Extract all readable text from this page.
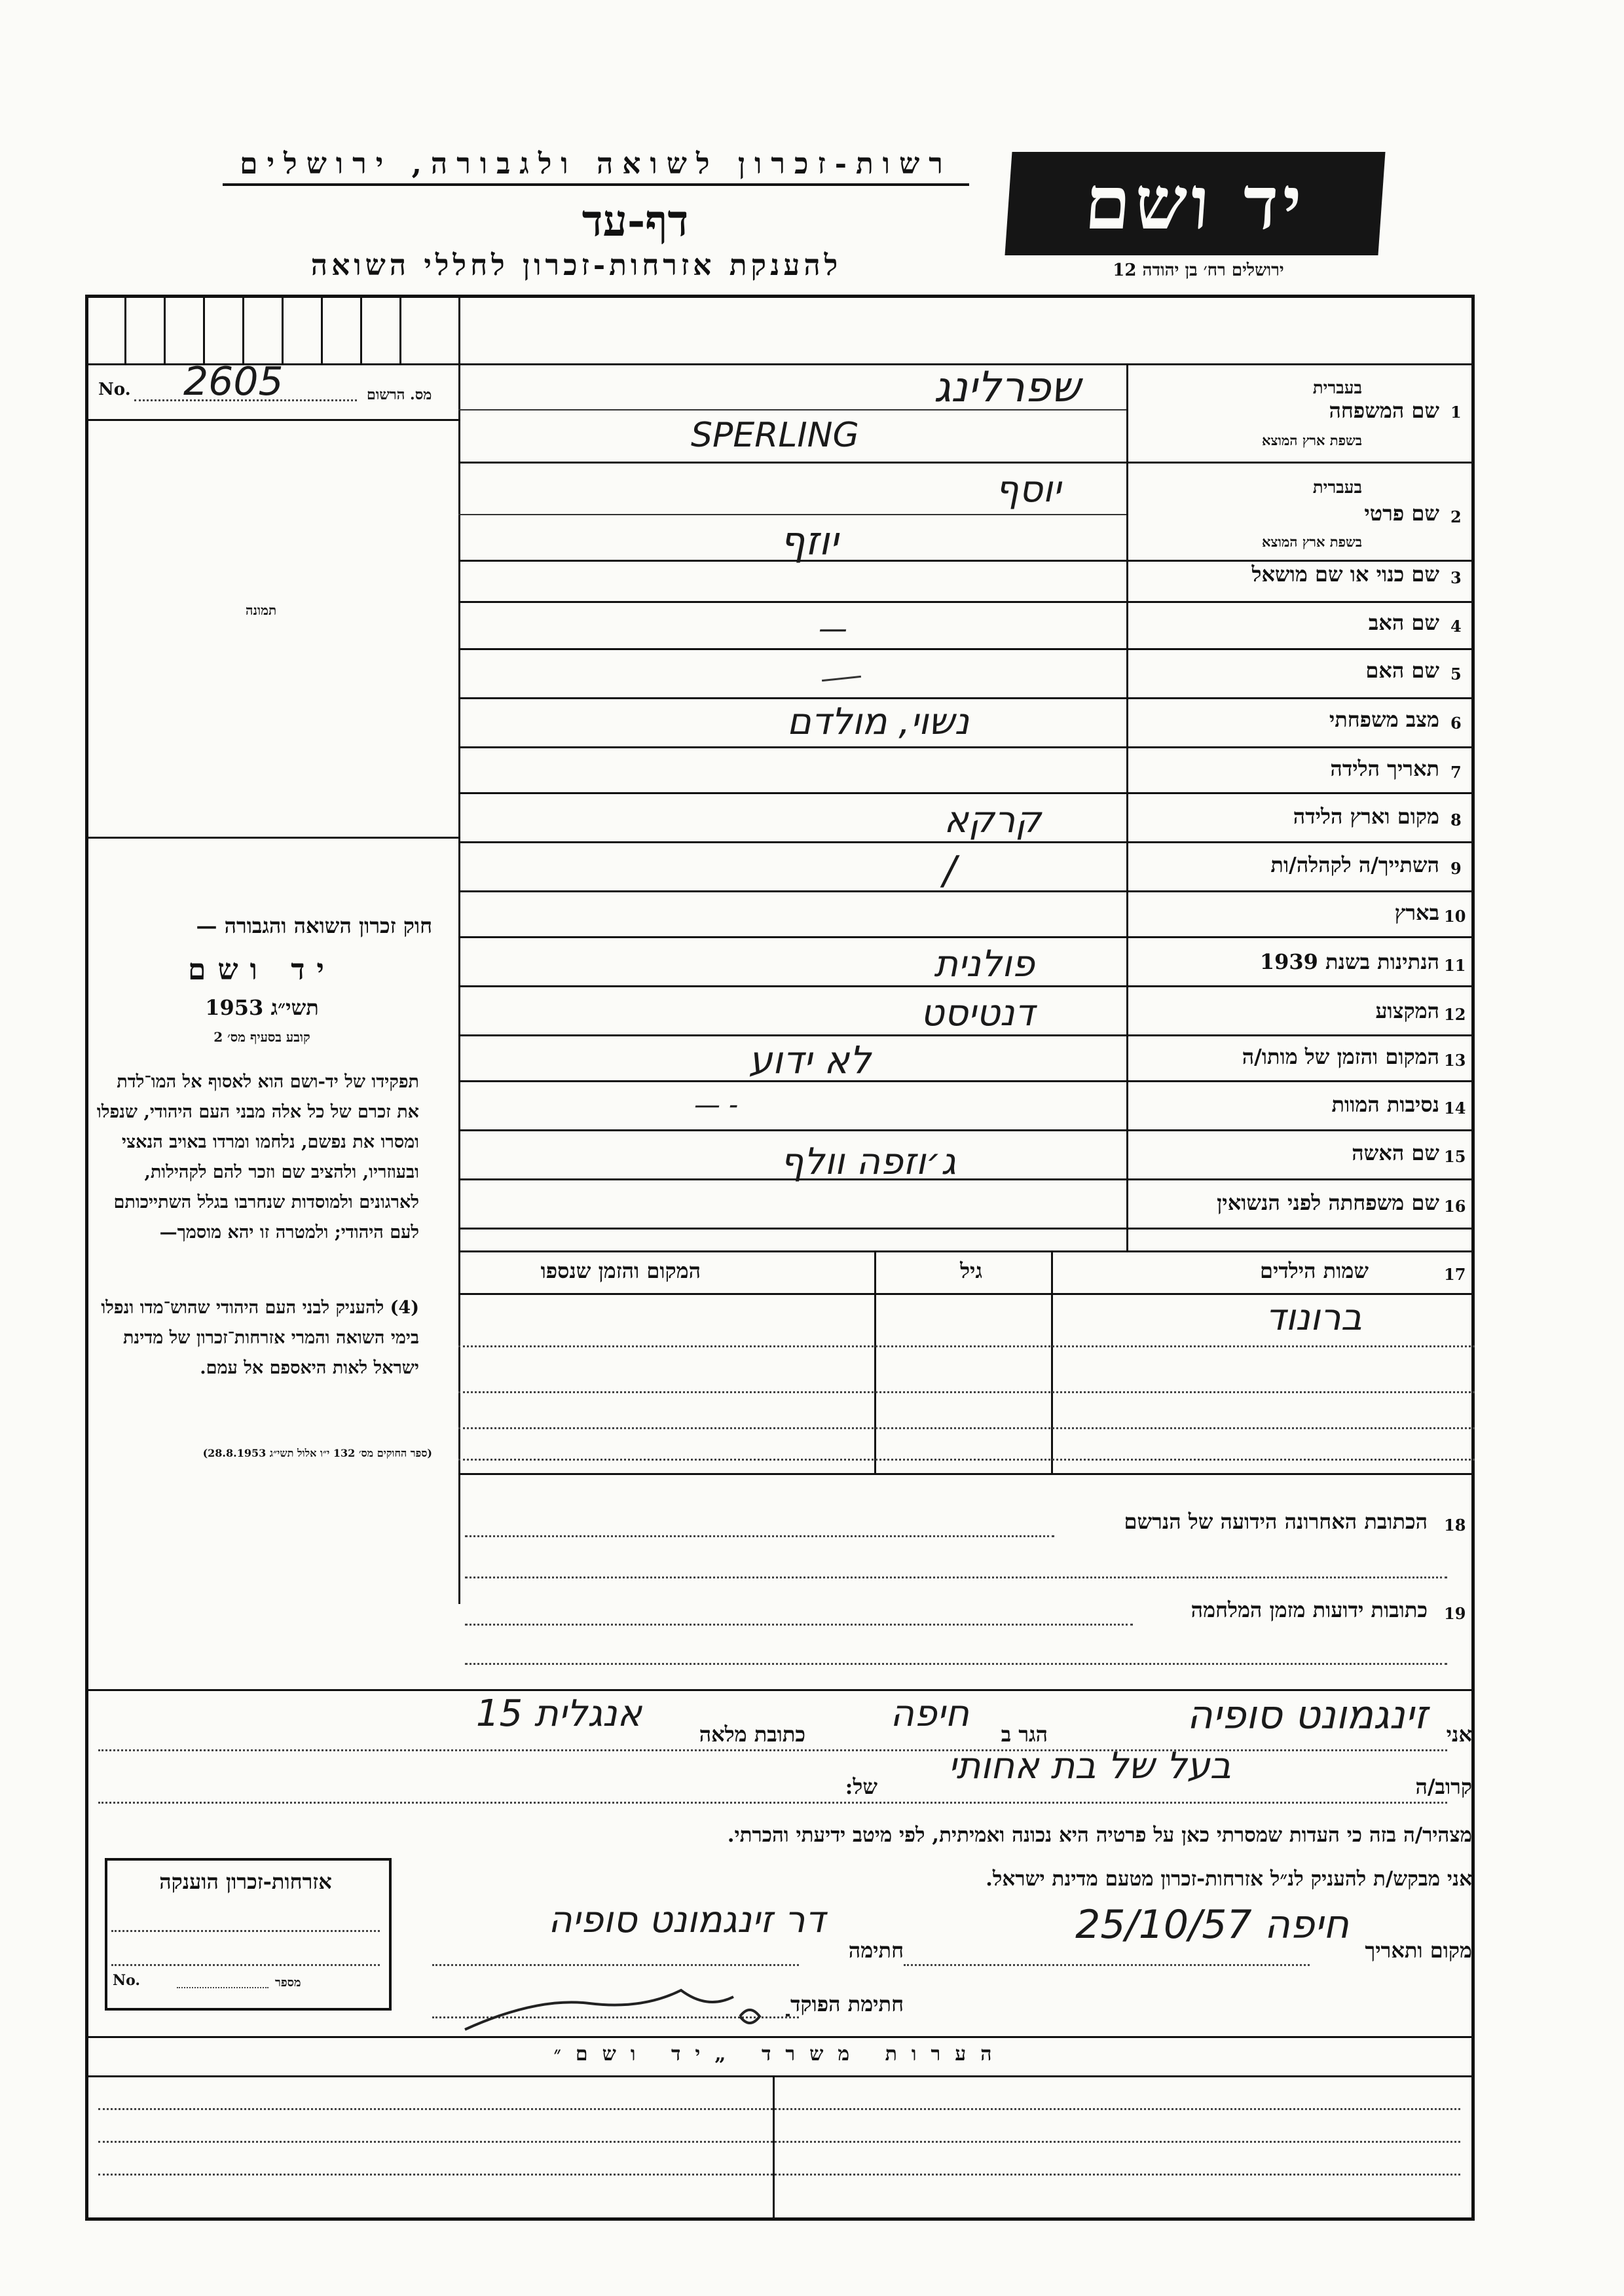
רשות-זכרון לשואה ולגבורה, ירושלים
דף-עד
להענקת אזרחות-זכרון לחללי השואה
יד ושם
ירושלים רח׳ בן יהודה 12
No. 2605	מס. הרשום
תמונה
חוק זכרון השואה והגבורה —
יד ושם
תשי״ג 1953
קובע בסעיף מס׳ 2
תפקידו של יד-ושם הוא לאסוף אל המו־לדת את זכרם של כל אלה מבני העם היהודי, שנפלו ומסרו את נפשם, נלחמו ומרדו באויב הנאצי ובעוזריו, ולהציב שם וזכר להם לקהילות, לארגונים ולמוסדות שנחרבו בגלל השתייכותם לעם היהודי; ולמטרה זו יהא מוסמך—
(4) להעניק לבני העם היהודי שהוש־מדו ונפלו בימי השואה והמרי אזרחות־זכרון של מדינת ישראל לאות היאספם אל עמם.
(ספר החוקים מס׳ 132 י״ו אלול תשי״ג 28.8.1953)
1
שם המשפחה
בעברית
בשפת ארץ המוצא
שפרלינג
SPERLING
2
שם פרטי
בעברית
בשפת ארץ המוצא
יוסף
יוזף
3
שם כנוי או שם מושאל
4
שם האב
—
5
שם האם
6
מצב משפחתי
נשוי, מולדם
7
תאריך הלידה
8
מקום וארץ הלידה
קרקא
9
השתייך/ה לקהלה/ות
/
10
בארץ
11
הנתינות בשנת 1939
פולנית
12
המקצוע
דנטיסט
13
המקום והזמן של מותו/ה
לא ידוע
14
נסיבות המוות
— -
15
שם האשה
ג׳וזפה וולף
16
שם משפחתה לפני הנשואין
17
שמות הילדים
גיל
המקום והזמן שנספו
ברונוד
18
הכתובת האחרונה הידועה של הנרשם
19
כתובות ידועות מזמן המלחמה
אני
זינגמונט סופיה
הגר ב
חיפה
כתובת מלאה
אנגלית 15
קרוב/ה
בעל של בת אחותי
של:
מצהיר/ה בזה כי העדות שמסרתי כאן על פרטיה היא נכונה ואמיתית, לפי מיטב ידיעתי והכרתי.
אני מבקש/ת להעניק לנ״ל אזרחות-זכרון מטעם מדינת ישראל.
מקום ותאריך
חיפה 25/10/57
חתימה
דר זינגמונט סופיה
חתימת הפוקד
אזרחות-זכרון הוענקה
No.	מספר
הערות משרד „יד ושם״
